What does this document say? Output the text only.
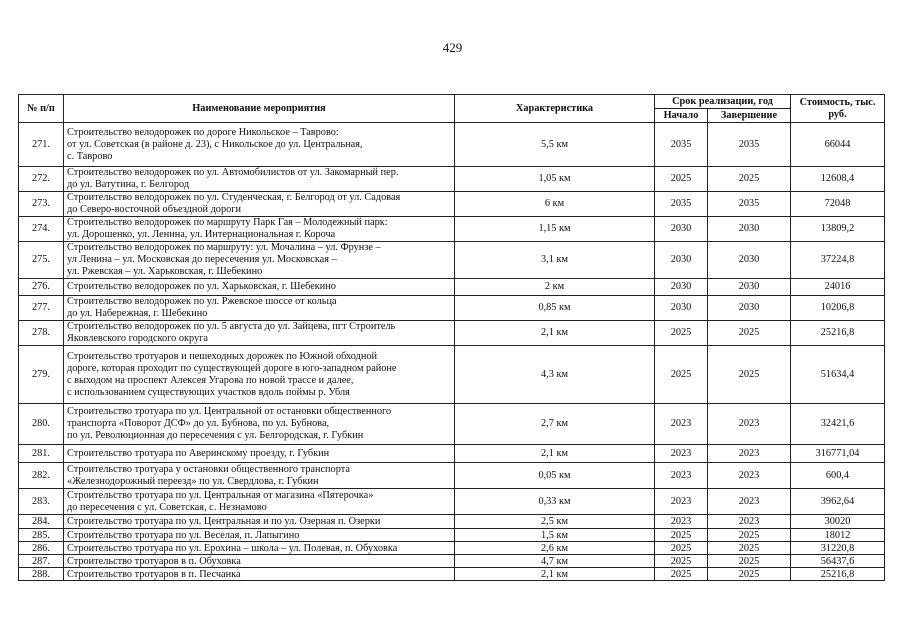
429
№ п/п	Наименование мероприятия	Характеристика	Срок реализации, год		Стоимость, тыс. руб.
			Начало	Завершение	
271.	Строительство велодорожек по дороге Никольское – Таврово:
от ул. Советская (в районе д. 23), с Никольское до ул. Центральная,
с. Таврово	5,5 км	2035	2035	66044
272.	Строительство велодорожек по ул. Автомобилистов от ул. Закомарный пер.
до ул. Ватутина, г. Белгород	1,05 км	2025	2025	12608,4
273.	Строительство велодорожек по ул. Студенческая, г. Белгород от ул. Садовая
до Северо-восточной объездной дороги	6 км	2035	2035	72048
274.	Строительство велодорожек по маршруту Парк Гая – Молодежный парк:
ул. Дорошенко, ул. Ленина, ул. Интернациональная г. Короча	1,15 км	2030	2030	13809,2
275.	Строительство велодорожек по маршруту: ул. Мочалина – ул. Фрунзе –
ул Ленина – ул. Московская до пересечения ул. Московская –
ул. Ржевская – ул. Харьковская, г. Шебекино	3,1 км	2030	2030	37224,8
276.	Строительство велодорожек по ул. Харьковская, г. Шебекино	2 км	2030	2030	24016
277.	Строительство велодорожек по ул. Ржевское шоссе от кольца
до ул. Набережная, г. Шебекино	0,85 км	2030	2030	10206,8
278.	Строительство велодорожек по ул. 5 августа до ул. Зайцева, пгт Строитель
Яковлевского городского округа	2,1 км	2025	2025	25216,8
279.	Строительство тротуаров и пешеходных дорожек по Южной обходной
дороге, которая проходит по существующей дороге в юго-западном районе
с выходом на проспект Алексея Угарова по новой трассе и далее,
с использованием существующих участков вдоль поймы р. Убля	4,3 км	2025	2025	51634,4
280.	Строительство тротуара по ул. Центральной от остановки общественного
транспорта «Поворот ДСФ» до ул. Бубнова, по ул. Бубнова,
по ул. Революционная до пересечения с ул. Белгородская, г. Губкин	2,7 км	2023	2023	32421,6
281.	Строительство тротуара по Аверинскому проезду, г. Губкин	2,1 км	2023	2023	316771,04
282.	Строительство тротуара у остановки общественного транспорта
«Железнодорожный переезд» по ул. Свердлова, г. Губкин	0,05 км	2023	2023	600,4
283.	Строительство тротуара по ул. Центральная от магазина «Пятерочка»
до пересечения с ул. Советская, с. Незнамово	0,33 км	2023	2023	3962,64
284.	Строительство тротуара по ул. Центральная и по ул. Озерная п. Озерки	2,5 км	2023	2023	30020
285.	Строительство тротуара по ул. Веселая, п. Лапыгино	1,5 км	2025	2025	18012
286.	Строительство тротуара по ул. Ерохина – школа – ул. Полевая, п. Обуховка	2,6 км	2025	2025	31220,8
287.	Строительство тротуаров в п. Обуховка	4,7 км	2025	2025	56437,6
288.	Строительство тротуаров в п. Песчанка	2,1 км	2025	2025	25216,8
